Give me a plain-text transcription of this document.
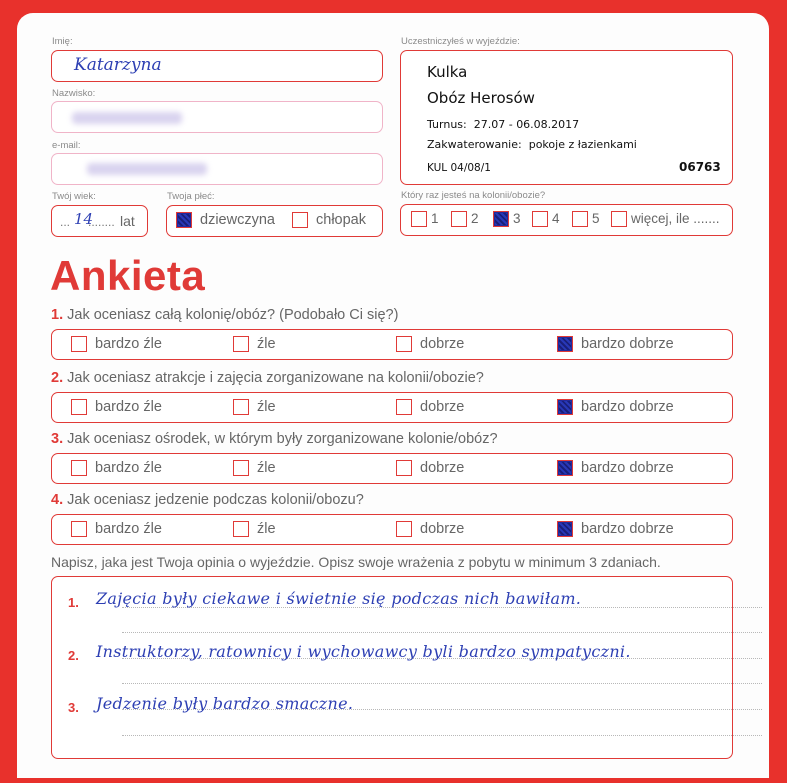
Imię:
Katarzyna
Nazwisko:
e-mail:
Twój wiek:
... 14
........ lat
Twoja płeć:
dziewczyna	chłopak
Uczestniczyłeś w wyjeździe:
Kulka
Obóz Herosów
Turnus: 27.07 - 06.08.2017
Zakwaterowanie: pokoje z łazienkami
KUL 04/08/1	06763
Który raz jesteś na kolonii/obozie?
1	2	3	4	5	więcej, ile .......
Ankieta
1. Jak oceniasz całą kolonię/obóz? (Podobało Ci się?)
bardzo źle	źle	dobrze	bardzo dobrze
2. Jak oceniasz atrakcje i zajęcia zorganizowane na kolonii/obozie?
bardzo źle	źle	dobrze	bardzo dobrze
3. Jak oceniasz ośrodek, w którym były zorganizowane kolonie/obóz?
bardzo źle	źle	dobrze	bardzo dobrze
4. Jak oceniasz jedzenie podczas kolonii/obozu?
bardzo źle	źle	dobrze	bardzo dobrze
Napisz, jaka jest Twoja opinia o wyjeździe. Opisz swoje wrażenia z pobytu w minimum 3 zdaniach.
1. Zajęcia były ciekawe i świetnie się podczas nich bawiłam.
2. Instruktorzy, ratownicy i wychowawcy byli bardzo sympatyczni.
3. Jedzenie były bardzo smaczne.
